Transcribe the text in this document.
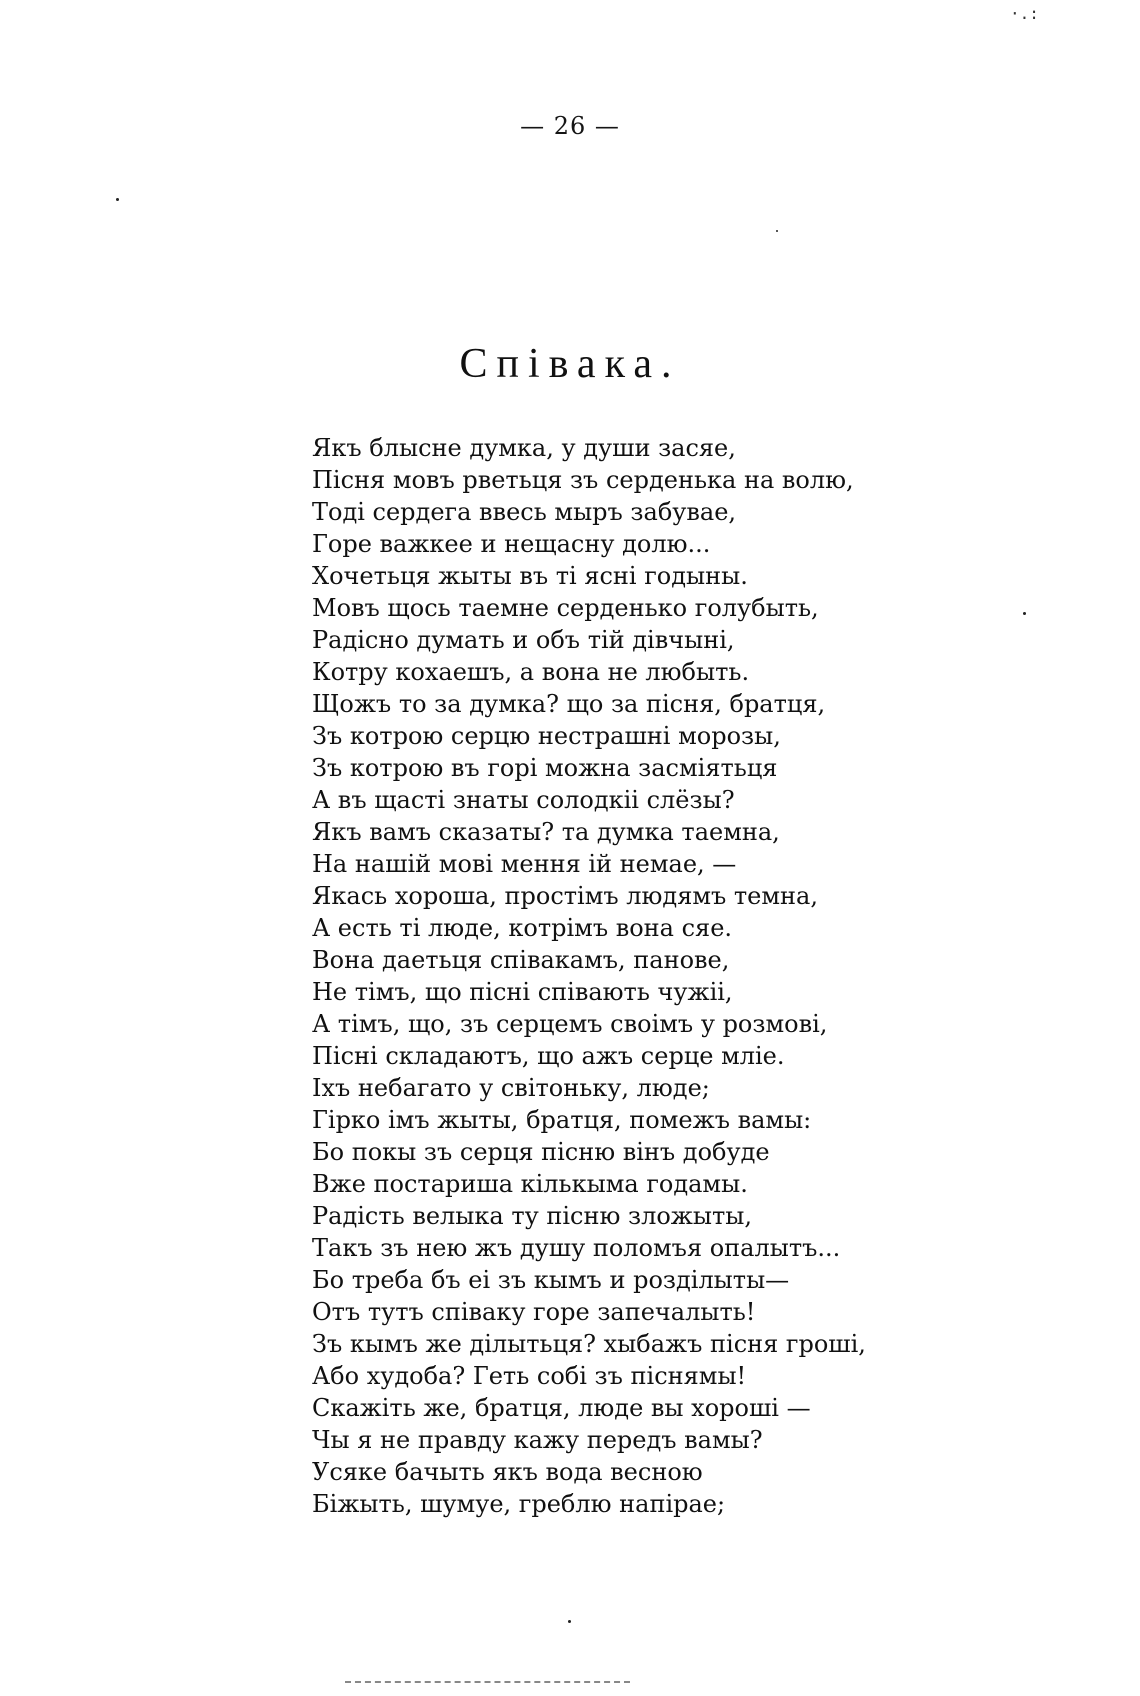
·.:
— 26 —
Співака.
Якъ блысне думка, у души засяе,
Пісня мовъ рветьця зъ серденька на волю,
Тоді сердега ввесь мыръ забувае,
Горе важкее и нещасну долю...
Хочетьця жыты въ ті ясні годыны.
Мовъ щось таемне серденько голубыть,
Радісно думать и объ тій дівчыні,
Котру кохаешъ, а вона не любыть.
Щожъ то за думка? що за пісня, братця,
Зъ котрою серцю нестрашні морозы,
Зъ котрою въ горі можна засміятьця
А въ щасті знаты солодкіі слёзы?
Якъ вамъ сказаты? та думка таемна,
На нашій мові мення ій немае, —
Якась хороша, простімъ людямъ темна,
А есть ті люде, котрімъ вона сяе.
Вона даетьця співакамъ, панове,
Не тімъ, що пісні співають чужіі,
А тімъ, що, зъ серцемъ своімъ у розмові,
Пісні складаютъ, що ажъ серце мліе.
Іхъ небагато у світоньку, люде;
Гірко імъ жыты, братця, помежъ вамы:
Бо покы зъ серця пісню вінъ добуде
Вже постариша кількыма годамы.
Радість велыка ту пісню зложыты,
Такъ зъ нею жъ душу поломъя опалытъ...
Бо треба бъ еі зъ кымъ и розділыты—
Отъ тутъ співаку горе запечалыть!
Зъ кымъ же ділытьця? хыбажъ пісня гроші,
Або худоба? Геть собі зъ піснямы!
Скажіть же, братця, люде вы хороші —
Чы я не правду кажу передъ вамы?
Усяке бачыть якъ вода весною
Біжыть, шумуе, греблю напірае;
